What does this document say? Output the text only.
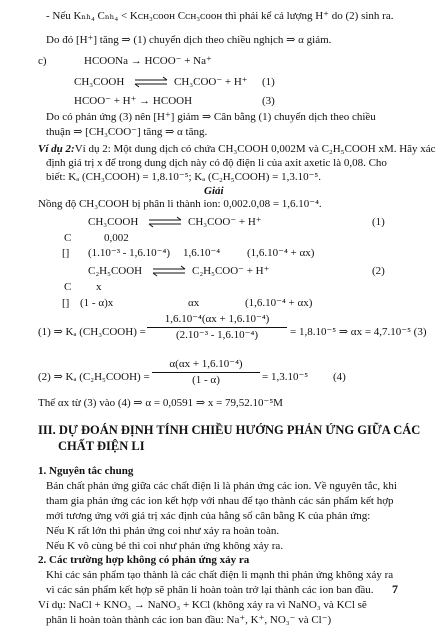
- Nếu Kₙₕ₄ Cₙₕ₄ < Kᴄʜ₃ᴄᴏᴏʜ Cᴄʜ₃ᴄᴏᴏʜ thì phải kể cả lượng H⁺ do (2) sinh ra.
Do đó [H⁺] tăng ⇒ (1) chuyển dịch theo chiều nghịch ⇒ α giảm.
c)	HCOONa → HCOO⁻ + Na⁺
CH₃COOH ⇌ CH₃COO⁻ + H⁺ (1)
HCOO⁻ + H⁺ → HCOOH	(3)
Do có phản ứng (3) nên [H⁺] giảm ⇒ Cân bằng (1) chuyển dịch theo chiều
thuận ⇒ [CH₃COO⁻] tăng ⇒ α tăng.
Ví dụ 2:Ví dụ 2: Một dung dịch có chứa CH₃COOH 0,002M và C₂H₅COOH xM. Hãy xác
định giá trị x để trong dung dịch này có độ điện li của axit axetic là 0,08. Cho
biết: Kₐ (CH₃COOH) = 1,8.10⁻⁵; Kₐ (C₂H₅COOH) = 1,3.10⁻⁵.
Giải
Nồng độ CH₃COOH bị phân li thành ion: 0,002.0,08 = 1,6.10⁻⁴.
CH₃COOH ⇌ CH₃COO⁻ + H⁺	(1)
C	0,002
[] (1.10⁻³ - 1,6.10⁻⁴) 1,6.10⁻⁴ (1,6.10⁻⁴ + αx)
C₂H₅COOH ⇌ C₂H₅COO⁻ + H⁺	(2)
C x
[] (1 - α)x	αx	(1,6.10⁻⁴ + αx)
(1) ⇒ Kₐ (CH₃COOH) =
1,6.10⁻⁴(αx + 1,6.10⁻⁴)
(2.10⁻³ - 1,6.10⁻⁴)	= 1,8.10⁻⁵ ⇒ αx = 4,7.10⁻⁵ (3)
(2) ⇒ Kₐ (C₂H₅COOH) =
α(αx + 1,6.10⁻⁴)
(1 - α)	= 1,3.10⁻⁵ (4)
Thế αx từ (3) vào (4) ⇒ α = 0,0591 ⇒ x = 79,52.10⁻⁵M
III. DỰ ĐOÁN ĐỊNH TÍNH CHIỀU HƯỚNG PHẢN ỨNG GIỮA CÁC
CHẤT ĐIỆN LI
1. Nguyên tắc chung
Bản chất phản ứng giữa các chất điện li là phản ứng các ion. Về nguyên tắc, khi
tham gia phản ứng các ion kết hợp với nhau để tạo thành các sản phẩm kết hợp
mới tương ứng với giá trị xác định của hằng số cân bằng K của phản ứng:
Nếu K rất lớn thì phản ứng coi như xảy ra hoàn toàn.
Nếu K vô cùng bé thì coi như phản ứng không xảy ra.
2. Các trường hợp không có phản ứng xảy ra
Khi các sản phẩm tạo thành là các chất điện li mạnh thì phản ứng không xảy ra
vì các sản phẩm kết hợp sẽ phân li hoàn toàn trở lại thành các ion ban đầu.
Ví dụ: NaCl + KNO₃ → NaNO₃ + KCl (không xảy ra vì NaNO₃ và KCl sẽ
phân li hoàn toàn thành các ion ban đầu: Na⁺, K⁺, NO₃⁻ và Cl⁻)
7
